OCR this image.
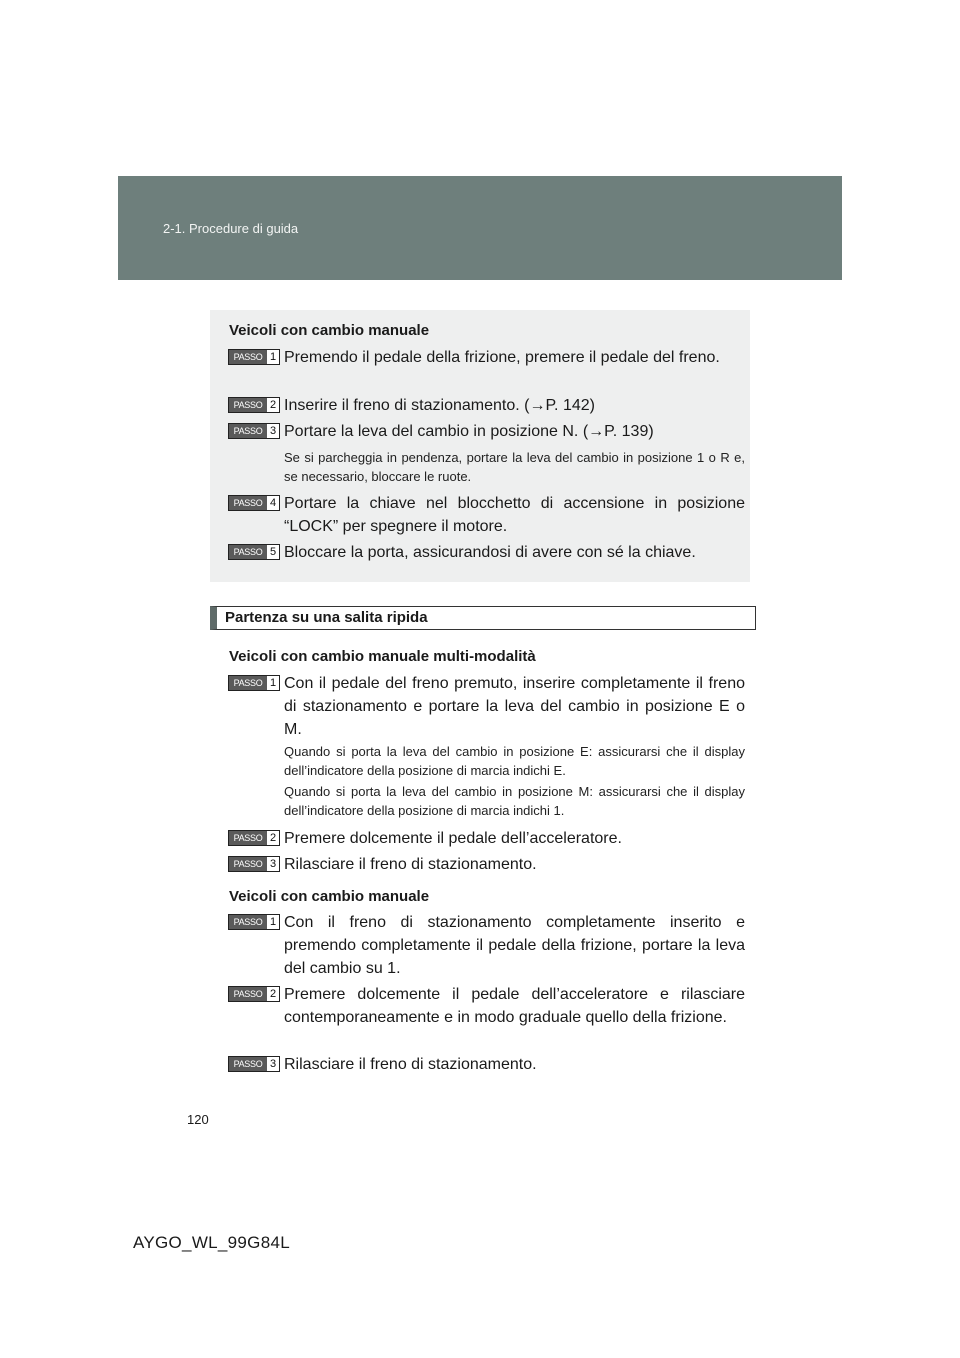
2-1. Procedure di guida
Veicoli con cambio manuale
PASSO 1 Premendo il pedale della frizione, premere il pedale del freno.
PASSO 2 Inserire il freno di stazionamento. (→P. 142)
PASSO 3 Portare la leva del cambio in posizione N. (→P. 139)
Se si parcheggia in pendenza, portare la leva del cambio in posizione 1 o R e, se necessario, bloccare le ruote.
PASSO 4 Portare la chiave nel blocchetto di accensione in posizione “LOCK” per spegnere il motore.
PASSO 5 Bloccare la porta, assicurandosi di avere con sé la chiave.
Partenza su una salita ripida
Veicoli con cambio manuale multi-modalità
PASSO 1 Con il pedale del freno premuto, inserire completamente il freno di stazionamento e portare la leva del cambio in posizione E o M.
Quando si porta la leva del cambio in posizione E: assicurarsi che il display dell’indicatore della posizione di marcia indichi E.
Quando si porta la leva del cambio in posizione M: assicurarsi che il display dell’indicatore della posizione di marcia indichi 1.
PASSO 2 Premere dolcemente il pedale dell’acceleratore.
PASSO 3 Rilasciare il freno di stazionamento.
Veicoli con cambio manuale
PASSO 1 Con il freno di stazionamento completamente inserito e premendo completamente il pedale della frizione, portare la leva del cambio su 1.
PASSO 2 Premere dolcemente il pedale dell’acceleratore e rilasciare contemporaneamente e in modo graduale quello della frizione.
PASSO 3 Rilasciare il freno di stazionamento.
120
AYGO_WL_99G84L
